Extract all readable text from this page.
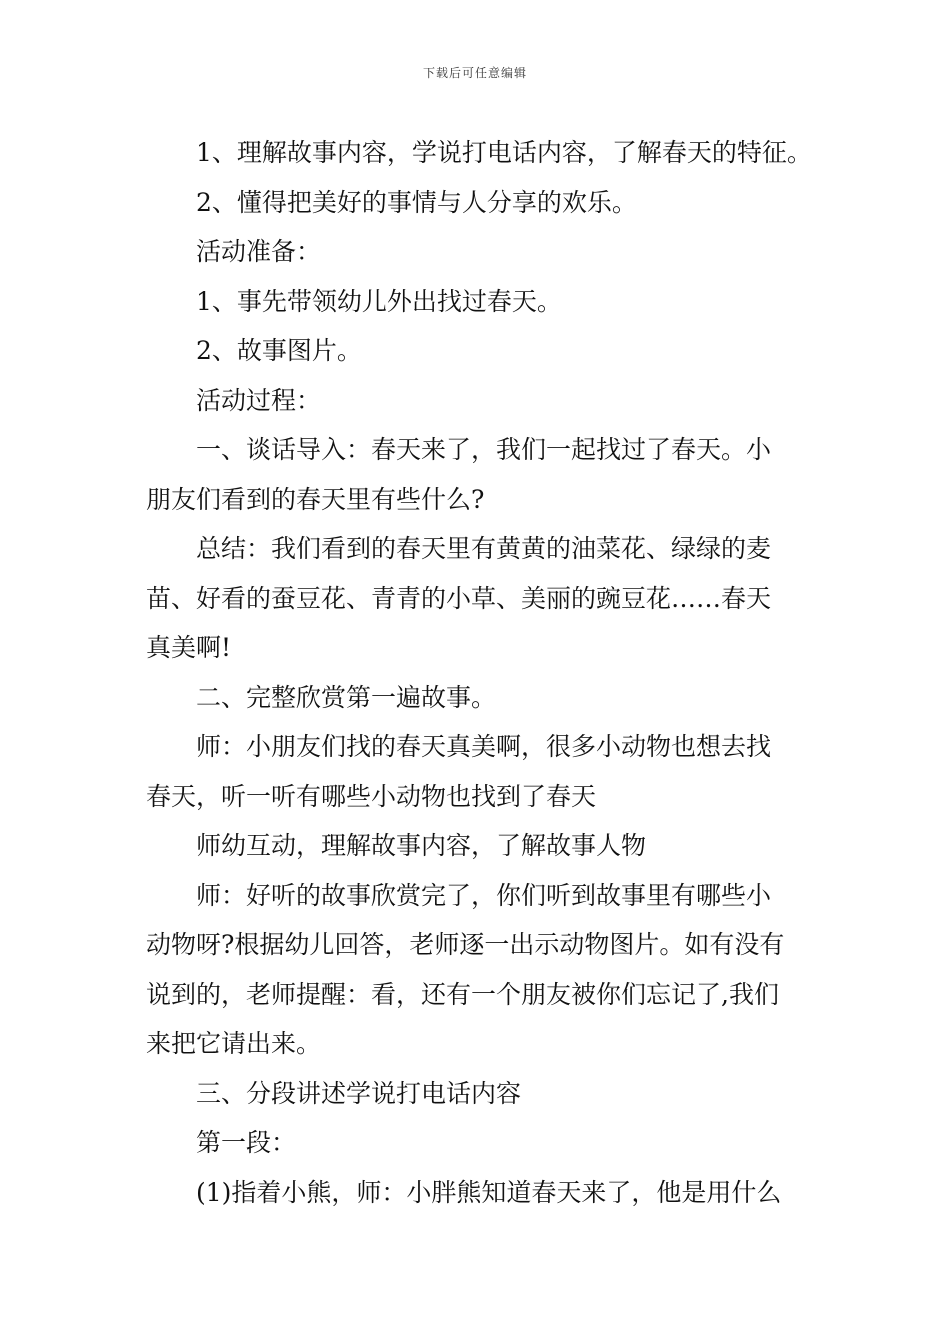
下载后可任意编辑
1、理解故事内容，学说打电话内容，了解春天的特征。
2、懂得把美好的事情与人分享的欢乐。
活动准备：
1、事先带领幼儿外出找过春天。
2、故事图片。
活动过程：
一、谈话导入：春天来了，我们一起找过了春天。小
朋友们看到的春天里有些什么?
总结：我们看到的春天里有黄黄的油菜花、绿绿的麦
苗、好看的蚕豆花、青青的小草、美丽的豌豆花……春天
真美啊!
二、完整欣赏第一遍故事。
师：小朋友们找的春天真美啊，很多小动物也想去找
春天，听一听有哪些小动物也找到了春天
师幼互动，理解故事内容，了解故事人物
师：好听的故事欣赏完了，你们听到故事里有哪些小
动物呀?根据幼儿回答，老师逐一出示动物图片。如有没有
说到的，老师提醒：看，还有一个朋友被你们忘记了,我们
来把它请出来。
三、分段讲述学说打电话内容
第一段：
(1)指着小熊，师：小胖熊知道春天来了，他是用什么
